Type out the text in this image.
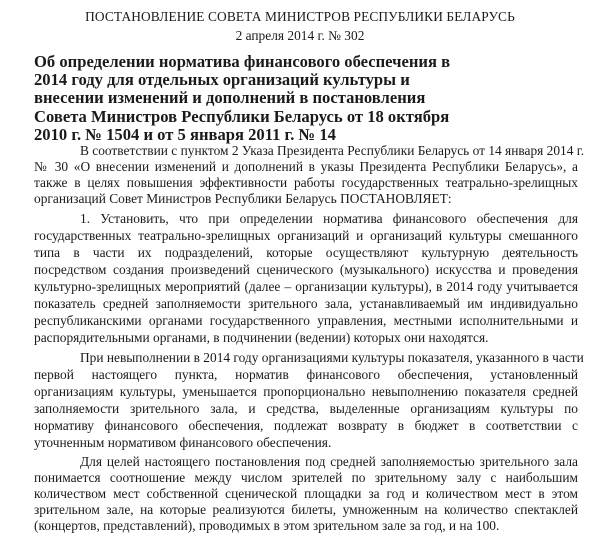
ПОСТАНОВЛЕНИЕ СОВЕТА МИНИСТРОВ РЕСПУБЛИКИ БЕЛАРУСЬ
2 апреля 2014 г. № 302
Об определении норматива финансового обеспечения в
2014 году для отдельных организаций культуры и
внесении изменений и дополнений в постановления
Совета Министров Республики Беларусь от 18 октября
2010 г. № 1504 и от 5 января 2011 г. № 14
В соответствии с пунктом 2 Указа Президента Республики Беларусь от 14 января 2014 г.
№ 30 «О внесении изменений и дополнений в указы Президента Республики Беларусь», а
также в целях повышения эффективности работы государственных театрально-зрелищных
организаций Совет Министров Республики Беларусь ПОСТАНОВЛЯЕТ:
1. Установить, что при определении норматива финансового обеспечения для
государственных театрально-зрелищных организаций и организаций культуры смешанного
типа в части их подразделений, которые осуществляют культурную деятельность
посредством создания произведений сценического (музыкального) искусства и проведения
культурно-зрелищных мероприятий (далее – организации культуры), в 2014 году учитывается
показатель средней заполняемости зрительного зала, устанавливаемый им индивидуально
республиканскими органами государственного управления, местными исполнительными и
распорядительными органами, в подчинении (ведении) которых они находятся.
При невыполнении в 2014 году организациями культуры показателя, указанного в части
первой настоящего пункта, норматив финансового обеспечения, установленный
организациям культуры, уменьшается пропорционально невыполнению показателя средней
заполняемости зрительного зала, и средства, выделенные организациям культуры по
нормативу финансового обеспечения, подлежат возврату в бюджет в соответствии с
уточненным нормативом финансового обеспечения.
Для целей настоящего постановления под средней заполняемостью зрительного зала
понимается соотношение между числом зрителей по зрительному залу с наибольшим
количеством мест собственной сценической площадки за год и количеством мест в этом
зрительном зале, на которые реализуются билеты, умноженным на количество спектаклей
(концертов, представлений), проводимых в этом зрительном зале за год, и на 100.
